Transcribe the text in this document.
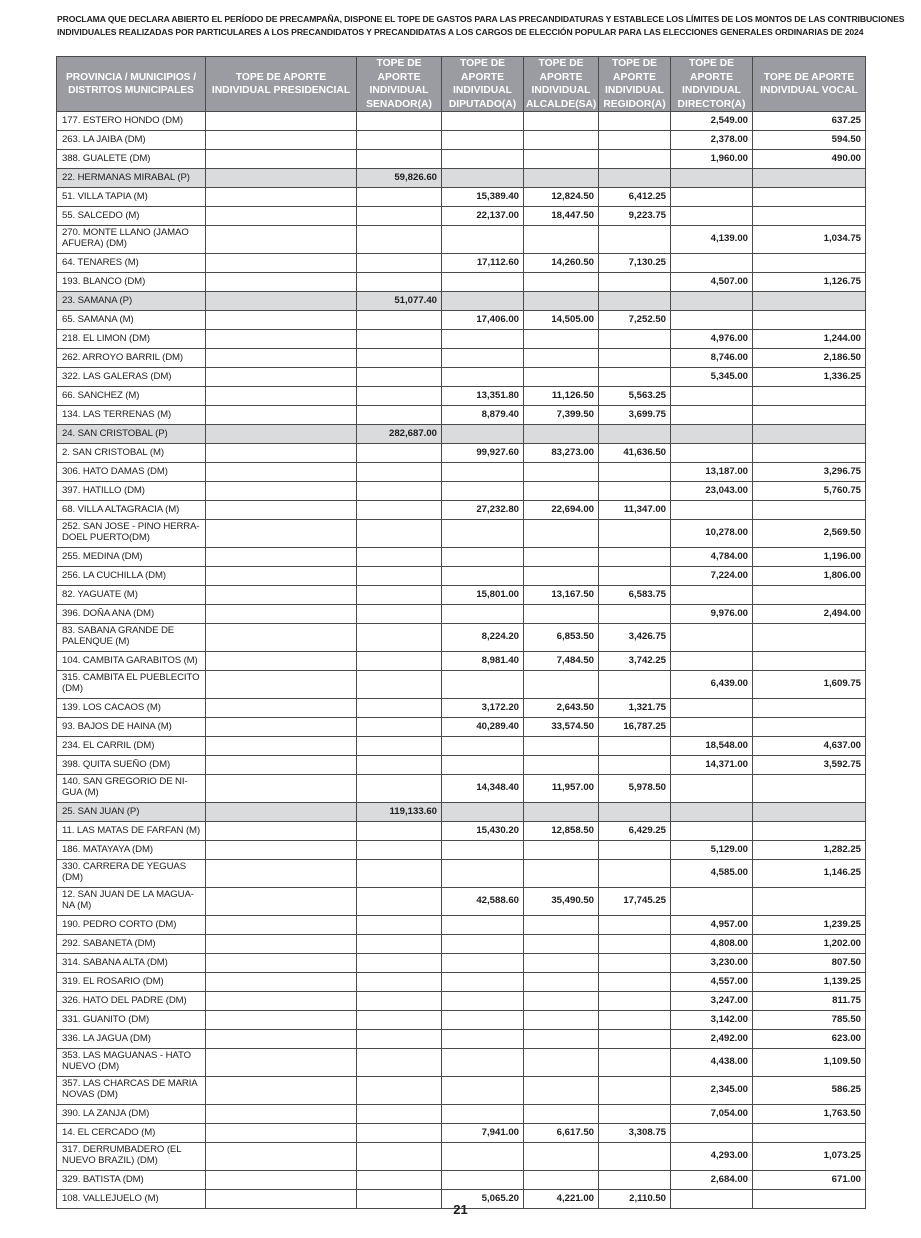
PROCLAMA QUE DECLARA ABIERTO EL PERÍODO DE PRECAMPAÑA, DISPONE EL TOPE DE GASTOS PARA LAS PRECANDIDATURAS Y ESTABLECE LOS LÍMITES DE LOS MONTOS DE LAS CONTRIBUCIONES
INDIVIDUALES REALIZADAS POR PARTICULARES A LOS PRECANDIDATOS Y PRECANDIDATAS A LOS CARGOS DE ELECCIÓN POPULAR PARA LAS ELECCIONES GENERALES ORDINARIAS DE 2024
PROVINCIA / MUNICIPIOS / DISTRITOS MUNICIPALES	TOPE DE APORTE INDIVIDUAL PRESIDENCIAL	TOPE DE APORTE INDIVIDUAL SENADOR(A)	TOPE DE APORTE INDIVIDUAL DIPUTADO(A)	TOPE DE APORTE INDIVIDUAL ALCALDE(SA)	TOPE DE APORTE INDIVIDUAL REGIDOR(A)	TOPE DE APORTE INDIVIDUAL DIRECTOR(A)	TOPE DE APORTE INDIVIDUAL VOCAL
177. ESTERO HONDO (DM)						2,549.00	637.25
263. LA JAIBA (DM)						2,378.00	594.50
388. GUALETE (DM)						1,960.00	490.00
22. HERMANAS MIRABAL (P)		59,826.60					
51. VILLA TAPIA (M)			15,389.40	12,824.50	6,412.25		
55. SALCEDO (M)			22,137.00	18,447.50	9,223.75		
270. MONTE LLANO (JAMAO AFUERA) (DM)						4,139.00	1,034.75
64. TENARES (M)			17,112.60	14,260.50	7,130.25		
193. BLANCO (DM)						4,507.00	1,126.75
23. SAMANA (P)		51,077.40					
65. SAMANA (M)			17,406.00	14,505.00	7,252.50		
218. EL LIMON (DM)						4,976.00	1,244.00
262. ARROYO BARRIL (DM)						8,746.00	2,186.50
322. LAS GALERAS (DM)						5,345.00	1,336.25
66. SANCHEZ (M)			13,351.80	11,126.50	5,563.25		
134. LAS TERRENAS (M)			8,879.40	7,399.50	3,699.75		
24. SAN CRISTOBAL (P)		282,687.00					
2. SAN CRISTOBAL (M)			99,927.60	83,273.00	41,636.50		
306. HATO DAMAS (DM)						13,187.00	3,296.75
397. HATILLO (DM)						23,043.00	5,760.75
68. VILLA ALTAGRACIA (M)			27,232.80	22,694.00	11,347.00		
252. SAN JOSE - PINO HERRA-DOEL PUERTO(DM)						10,278.00	2,569.50
255. MEDINA (DM)						4,784.00	1,196.00
256. LA CUCHILLA (DM)						7,224.00	1,806.00
82. YAGUATE (M)			15,801.00	13,167.50	6,583.75		
396. DOÑA ANA (DM)						9,976.00	2,494.00
83. SABANA GRANDE DE PALENQUE (M)			8,224.20	6,853.50	3,426.75		
104. CAMBITA GARABITOS (M)			8,981.40	7,484.50	3,742.25		
315. CAMBITA EL PUEBLECITO (DM)						6,439.00	1,609.75
139. LOS CACAOS (M)			3,172.20	2,643.50	1,321.75		
93. BAJOS DE HAINA (M)			40,289.40	33,574.50	16,787.25		
234. EL CARRIL (DM)						18,548.00	4,637.00
398. QUITA SUEÑO (DM)						14,371.00	3,592.75
140. SAN GREGORIO DE NI-GUA (M)			14,348.40	11,957.00	5,978.50		
25. SAN JUAN (P)		119,133.60					
11. LAS MATAS DE FARFAN (M)			15,430.20	12,858.50	6,429.25		
186. MATAYAYA (DM)						5,129.00	1,282.25
330. CARRERA DE YEGUAS (DM)						4,585.00	1,146.25
12. SAN JUAN DE LA MAGUA-NA (M)			42,588.60	35,490.50	17,745.25		
190. PEDRO CORTO (DM)						4,957.00	1,239.25
292. SABANETA (DM)						4,808.00	1,202.00
314. SABANA ALTA (DM)						3,230.00	807.50
319. EL ROSARIO (DM)						4,557.00	1,139.25
326. HATO DEL PADRE (DM)						3,247.00	811.75
331. GUANITO (DM)						3,142.00	785.50
336. LA JAGUA (DM)						2,492.00	623.00
353. LAS MAGUANAS - HATO NUEVO (DM)						4,438.00	1,109.50
357. LAS CHARCAS DE MARIA NOVAS (DM)						2,345.00	586.25
390. LA ZANJA (DM)						7,054.00	1,763.50
14. EL CERCADO (M)			7,941.00	6,617.50	3,308.75		
317. DERRUMBADERO (EL NUEVO BRAZIL) (DM)						4,293.00	1,073.25
329. BATISTA (DM)						2,684.00	671.00
108. VALLEJUELO (M)			5,065.20	4,221.00	2,110.50		
21
